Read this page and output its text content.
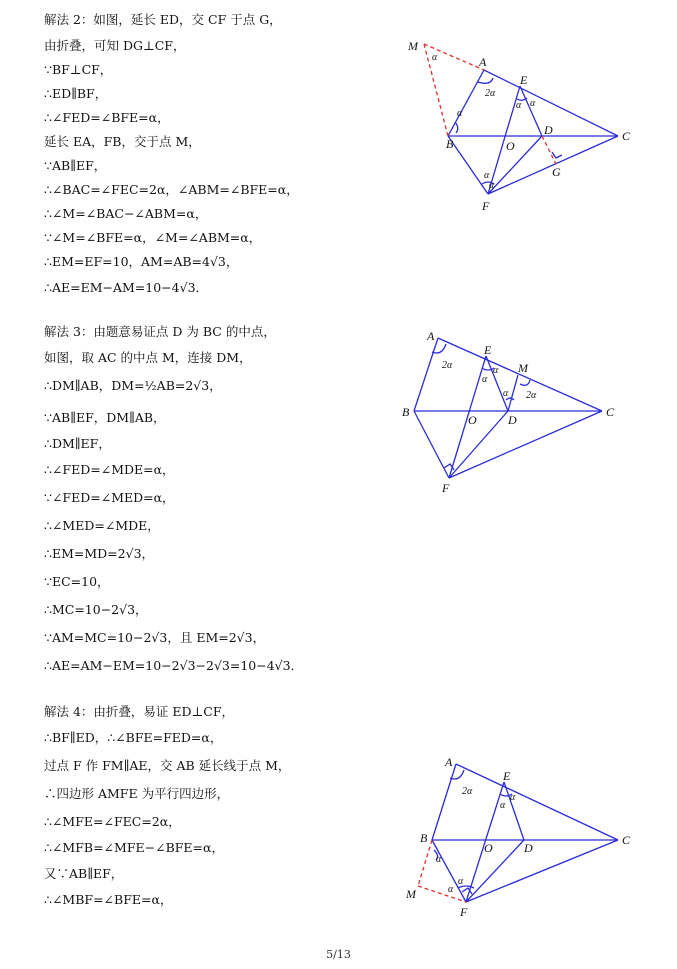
解法 2：如图，延长 ED，交 CF 于点 G，
由折叠，可知 DG⊥CF，
∵BF⊥CF，
∴ED∥BF，
∴∠FED=∠BFE=α，
延长 EA，FB，交于点 M，
∵AB∥EF，
∴∠BAC=∠FEC=2α，∠ABM=∠BFE=α，
∴∠M=∠BAC−∠ABM=α，
∵∠M=∠BFE=α，∠M=∠ABM=α，
∴EM=EF=10，AM=AB=4√3，
∴AE=EM−AM=10−4√3．
解法 3：由题意易证点 D 为 BC 的中点，
如图，取 AC 的中点 M，连接 DM，
∴DM∥AB，DM=½AB=2√3，
∵AB∥EF，DM∥AB，
∴DM∥EF，
∴∠FED=∠MDE=α，
∵∠FED=∠MED=α，
∴∠MED=∠MDE，
∴EM=MD=2√3，
∵EC=10，
∴MC=10−2√3，
∵AM=MC=10−2√3，且 EM=2√3，
∴AE=AM−EM=10−2√3−2√3=10−4√3．
解法 4：由折叠，易证 ED⊥CF，
∴BF∥ED，∴∠BFE=FED=α，
过点 F 作 FM∥AE，交 AB 延长线于点 M，
∴四边形 AMFE 为平行四边形，
∴∠MFE=∠FEC=2α，
∴∠MFB=∠MFE−∠BFE=α，
又∵AB∥EF，
∴∠MBF=∠BFE=α，
M
A
E
B	O
D	C
G
F
α
2α
α α
α
α
α
A
E
M
B
O	D
C
F
2α
α
α
α 2α
A
E
B
O	D
C
M
F
2α
α
α
α
α
α
5/13
